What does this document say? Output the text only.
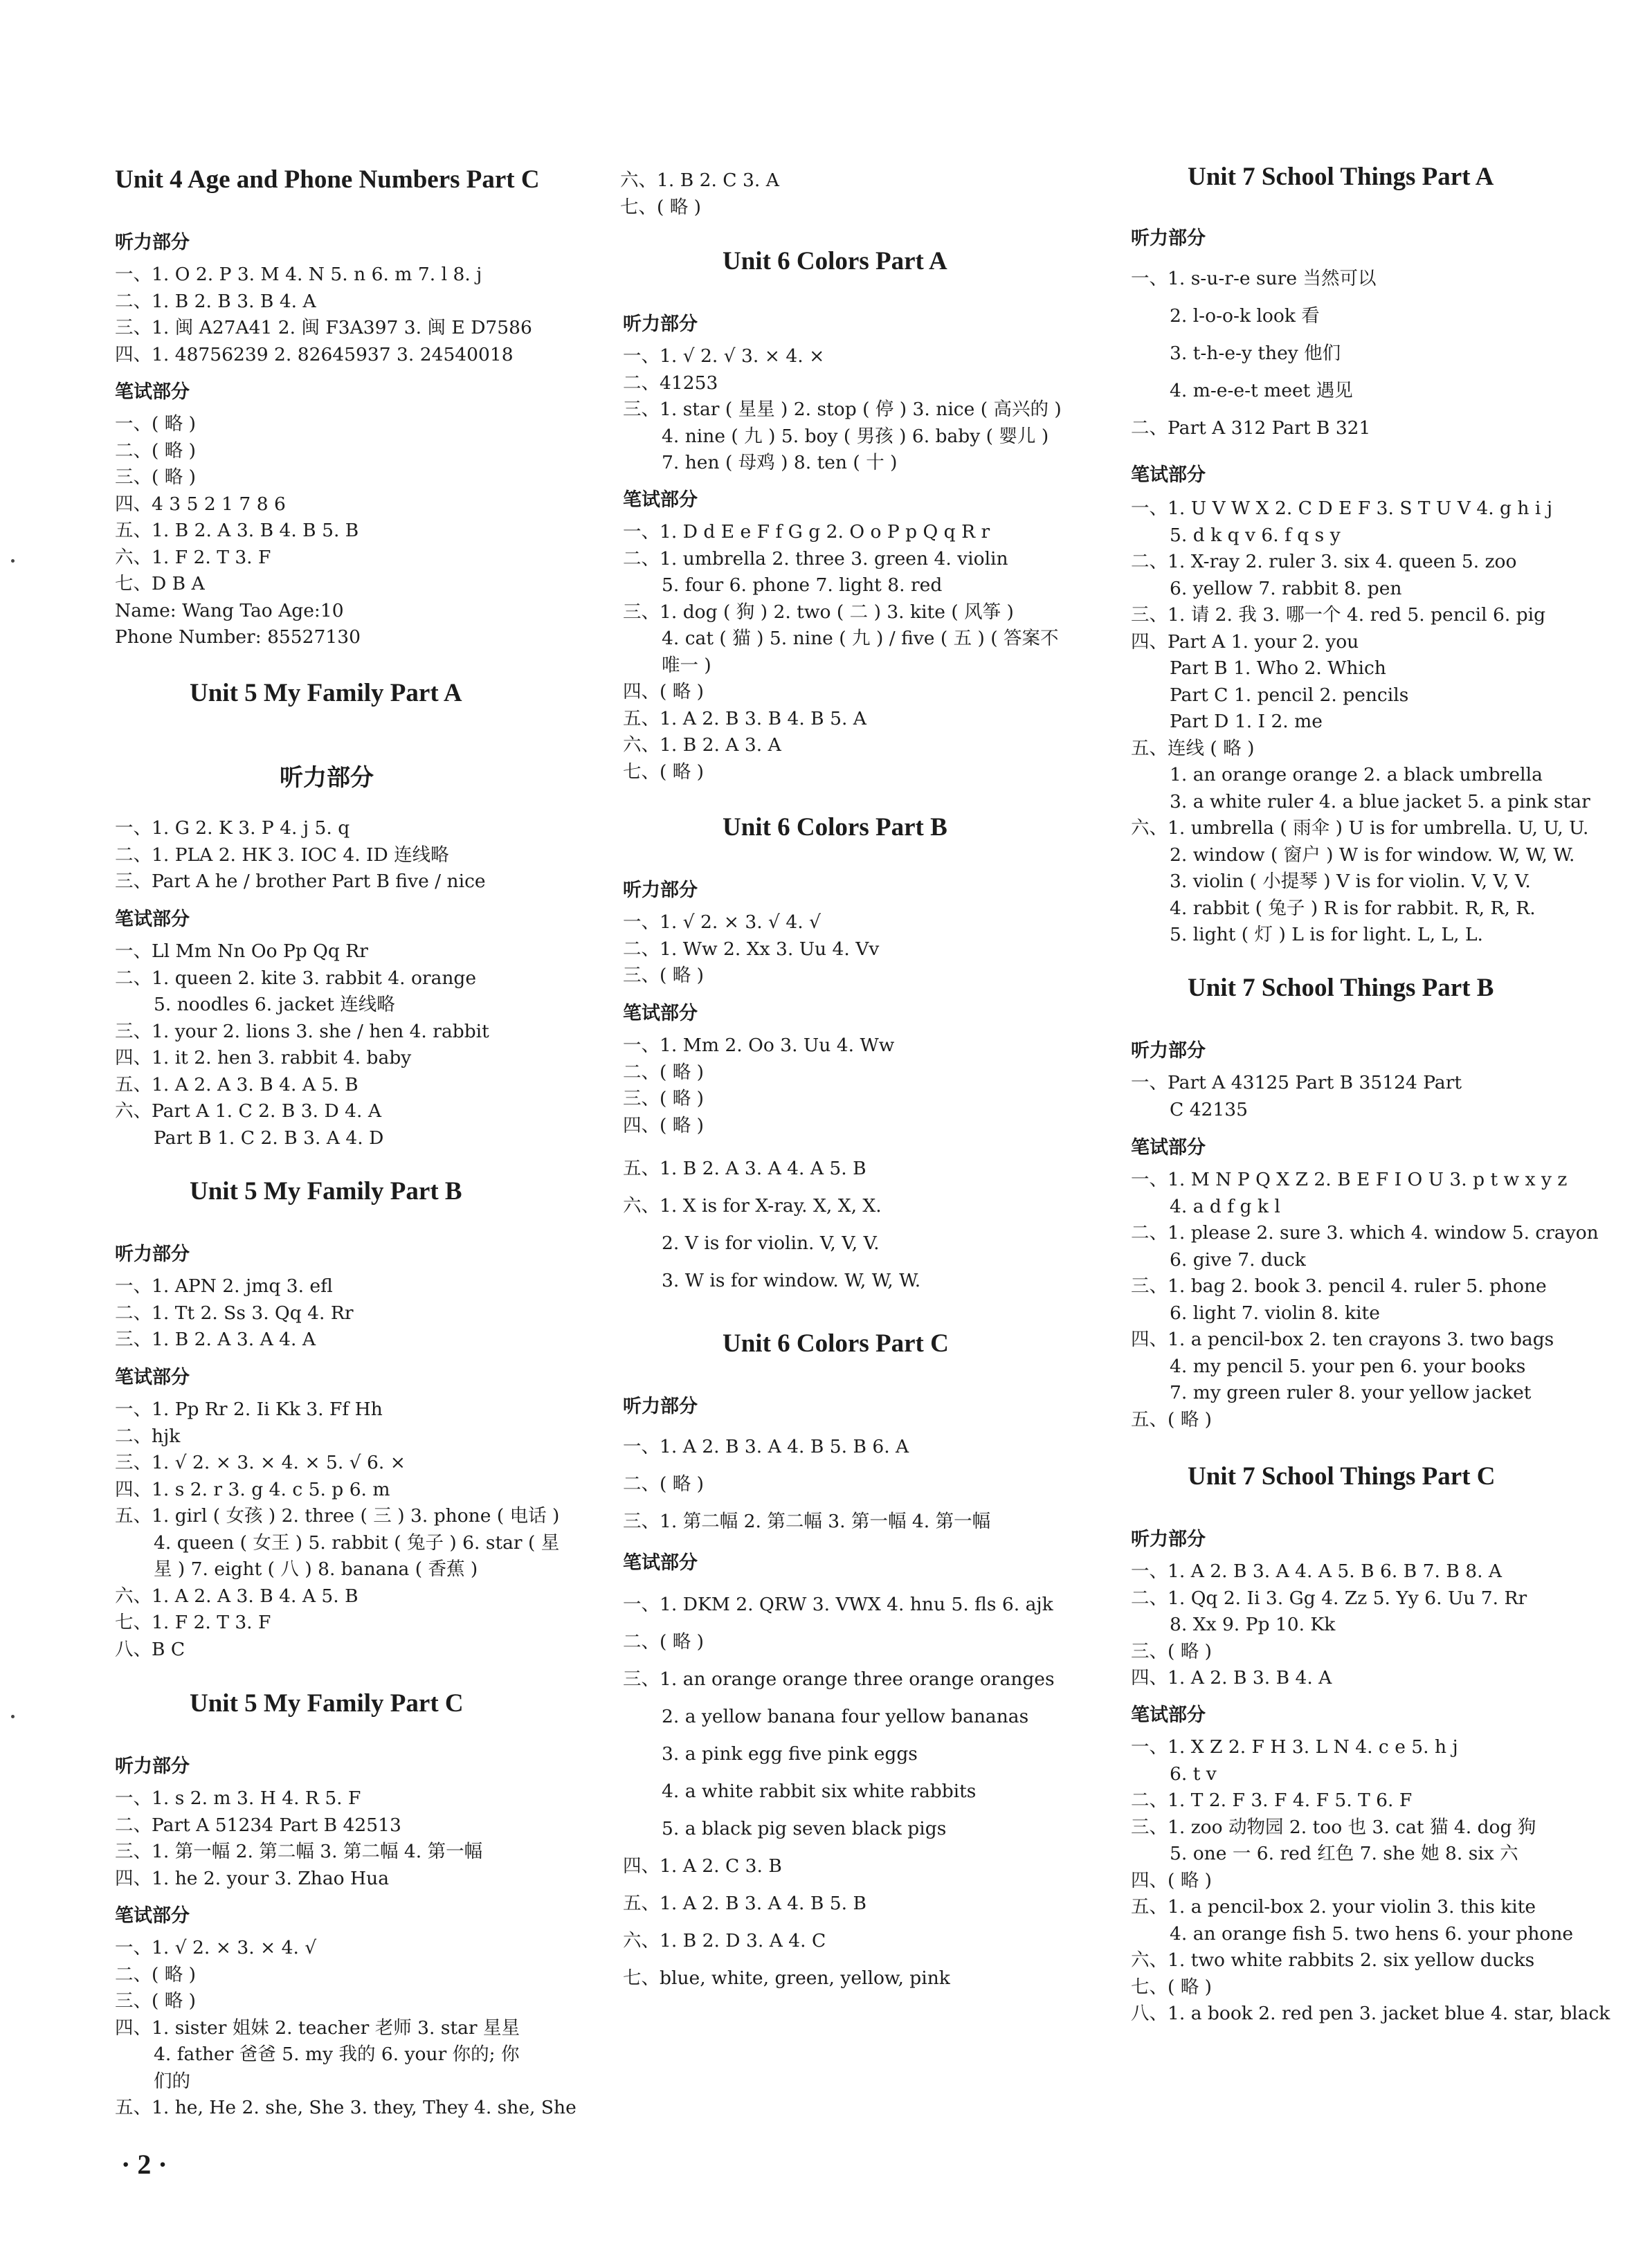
Unit 4 Age and Phone Numbers Part C
听力部分
一、1. O 2. P 3. M 4. N 5. n 6. m 7. l 8. j
二、1. B 2. B 3. B 4. A
三、1. 闽 A27A41 2. 闽 F3A397 3. 闽 E D7586
四、1. 48756239 2. 82645937 3. 24540018
笔试部分
一、( 略 )
二、( 略 )
三、( 略 )
四、4 3 5 2 1 7 8 6
五、1. B 2. A 3. B 4. B 5. B
六、1. F 2. T 3. F
七、D B A
Name: Wang Tao Age:10
Phone Number: 85527130
Unit 5 My Family Part A
听力部分
一、1. G 2. K 3. P 4. j 5. q
二、1. PLA 2. HK 3. IOC 4. ID 连线略
三、Part A he / brother Part B five / nice
笔试部分
一、Ll Mm Nn Oo Pp Qq Rr
二、1. queen 2. kite 3. rabbit 4. orange
5. noodles 6. jacket 连线略
三、1. your 2. lions 3. she / hen 4. rabbit
四、1. it 2. hen 3. rabbit 4. baby
五、1. A 2. A 3. B 4. A 5. B
六、Part A 1. C 2. B 3. D 4. A
Part B 1. C 2. B 3. A 4. D
Unit 5 My Family Part B
听力部分
一、1. APN 2. jmq 3. efl
二、1. Tt 2. Ss 3. Qq 4. Rr
三、1. B 2. A 3. A 4. A
笔试部分
一、1. Pp Rr 2. Ii Kk 3. Ff Hh
二、hjk
三、1. √ 2. × 3. × 4. × 5. √ 6. ×
四、1. s 2. r 3. g 4. c 5. p 6. m
五、1. girl ( 女孩 ) 2. three ( 三 ) 3. phone ( 电话 )
4. queen ( 女王 ) 5. rabbit ( 兔子 ) 6. star ( 星
星 ) 7. eight ( 八 ) 8. banana ( 香蕉 )
六、1. A 2. A 3. B 4. A 5. B
七、1. F 2. T 3. F
八、B C
Unit 5 My Family Part C
听力部分
一、1. s 2. m 3. H 4. R 5. F
二、Part A 51234 Part B 42513
三、1. 第一幅 2. 第二幅 3. 第二幅 4. 第一幅
四、1. he 2. your 3. Zhao Hua
笔试部分
一、1. √ 2. × 3. × 4. √
二、( 略 )
三、( 略 )
四、1. sister 姐妹 2. teacher 老师 3. star 星星
4. father 爸爸 5. my 我的 6. your 你的; 你
们的
五、1. he, He 2. she, She 3. they, They 4. she, She
六、1. B 2. C 3. A
七、( 略 )
Unit 6 Colors Part A
听力部分
一、1. √ 2. √ 3. × 4. ×
二、41253
三、1. star ( 星星 ) 2. stop ( 停 ) 3. nice ( 高兴的 )
4. nine ( 九 ) 5. boy ( 男孩 ) 6. baby ( 婴儿 )
7. hen ( 母鸡 ) 8. ten ( 十 )
笔试部分
一、1. D d E e F f G g 2. O o P p Q q R r
二、1. umbrella 2. three 3. green 4. violin
5. four 6. phone 7. light 8. red
三、1. dog ( 狗 ) 2. two ( 二 ) 3. kite ( 风筝 )
4. cat ( 猫 ) 5. nine ( 九 ) / five ( 五 ) ( 答案不
唯一 )
四、( 略 )
五、1. A 2. B 3. B 4. B 5. A
六、1. B 2. A 3. A
七、( 略 )
Unit 6 Colors Part B
听力部分
一、1. √ 2. × 3. √ 4. √
二、1. Ww 2. Xx 3. Uu 4. Vv
三、( 略 )
笔试部分
一、1. Mm 2. Oo 3. Uu 4. Ww
二、( 略 )
三、( 略 )
四、( 略 )
五、1. B 2. A 3. A 4. A 5. B
六、1. X is for X-ray. X, X, X.
2. V is for violin. V, V, V.
3. W is for window. W, W, W.
Unit 6 Colors Part C
听力部分
一、1. A 2. B 3. A 4. B 5. B 6. A
二、( 略 )
三、1. 第二幅 2. 第二幅 3. 第一幅 4. 第一幅
笔试部分
一、1. DKM 2. QRW 3. VWX 4. hnu 5. fls 6. ajk
二、( 略 )
三、1. an orange orange three orange oranges
2. a yellow banana four yellow bananas
3. a pink egg five pink eggs
4. a white rabbit six white rabbits
5. a black pig seven black pigs
四、1. A 2. C 3. B
五、1. A 2. B 3. A 4. B 5. B
六、1. B 2. D 3. A 4. C
七、blue, white, green, yellow, pink
Unit 7 School Things Part A
听力部分
一、1. s-u-r-e sure 当然可以
2. l-o-o-k look 看
3. t-h-e-y they 他们
4. m-e-e-t meet 遇见
二、Part A 312 Part B 321
笔试部分
一、1. U V W X 2. C D E F 3. S T U V 4. g h i j
5. d k q v 6. f q s y
二、1. X-ray 2. ruler 3. six 4. queen 5. zoo
6. yellow 7. rabbit 8. pen
三、1. 请 2. 我 3. 哪一个 4. red 5. pencil 6. pig
四、Part A 1. your 2. you
Part B 1. Who 2. Which
Part C 1. pencil 2. pencils
Part D 1. I 2. me
五、连线 ( 略 )
1. an orange orange 2. a black umbrella
3. a white ruler 4. a blue jacket 5. a pink star
六、1. umbrella ( 雨伞 ) U is for umbrella. U, U, U.
2. window ( 窗户 ) W is for window. W, W, W.
3. violin ( 小提琴 ) V is for violin. V, V, V.
4. rabbit ( 兔子 ) R is for rabbit. R, R, R.
5. light ( 灯 ) L is for light. L, L, L.
Unit 7 School Things Part B
听力部分
一、Part A 43125 Part B 35124 Part
C 42135
笔试部分
一、1. M N P Q X Z 2. B E F I O U 3. p t w x y z
4. a d f g k l
二、1. please 2. sure 3. which 4. window 5. crayon
6. give 7. duck
三、1. bag 2. book 3. pencil 4. ruler 5. phone
6. light 7. violin 8. kite
四、1. a pencil-box 2. ten crayons 3. two bags
4. my pencil 5. your pen 6. your books
7. my green ruler 8. your yellow jacket
五、( 略 )
Unit 7 School Things Part C
听力部分
一、1. A 2. B 3. A 4. A 5. B 6. B 7. B 8. A
二、1. Qq 2. Ii 3. Gg 4. Zz 5. Yy 6. Uu 7. Rr
8. Xx 9. Pp 10. Kk
三、( 略 )
四、1. A 2. B 3. B 4. A
笔试部分
一、1. X Z 2. F H 3. L N 4. c e 5. h j
6. t v
二、1. T 2. F 3. F 4. F 5. T 6. F
三、1. zoo 动物园 2. too 也 3. cat 猫 4. dog 狗
5. one 一 6. red 红色 7. she 她 8. six 六
四、( 略 )
五、1. a pencil-box 2. your violin 3. this kite
4. an orange fish 5. two hens 6. your phone
六、1. two white rabbits 2. six yellow ducks
七、( 略 )
八、1. a book 2. red pen 3. jacket blue 4. star, black
· 2 ·
